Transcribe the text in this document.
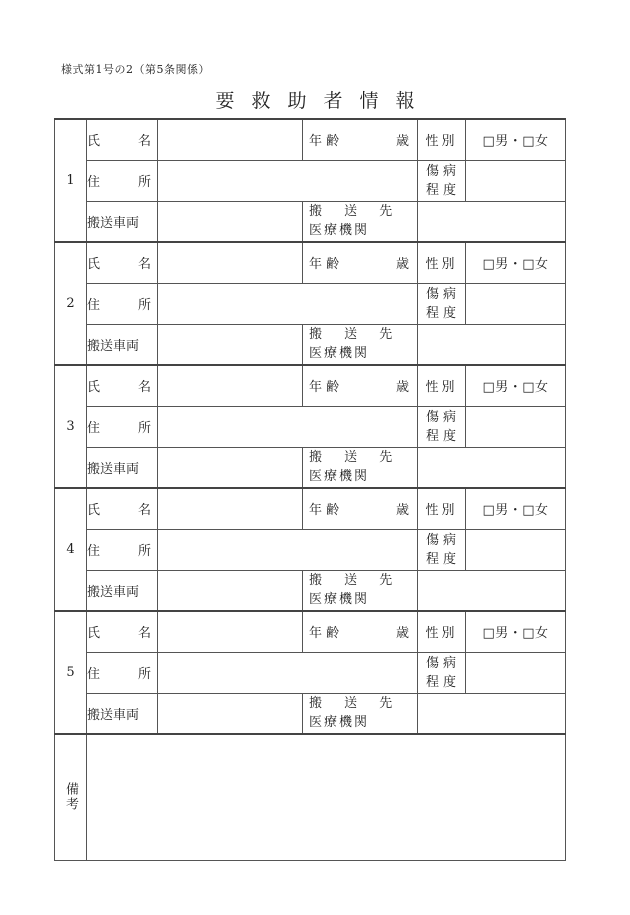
様式第1号の2（第5条関係）
要救助者情報
1	氏 名		年 齢 歳	性別	□男・□女

	住 所			傷病
程度	

	搬送車両		搬 送 先
医療機関		

2	氏 名		年 齢 歳	性別	□男・□女

	住 所			傷病
程度	

	搬送車両		搬 送 先
医療機関		

3	氏 名		年 齢 歳	性別	□男・□女

	住 所			傷病
程度	

	搬送車両		搬 送 先
医療機関		

4	氏 名		年 齢 歳	性別	□男・□女

	住 所			傷病
程度	

	搬送車両		搬 送 先
医療機関		

5	氏 名		年 齢 歳	性別	□男・□女

	住 所			傷病
程度	

	搬送車両		搬 送 先
医療機関		

備考					
